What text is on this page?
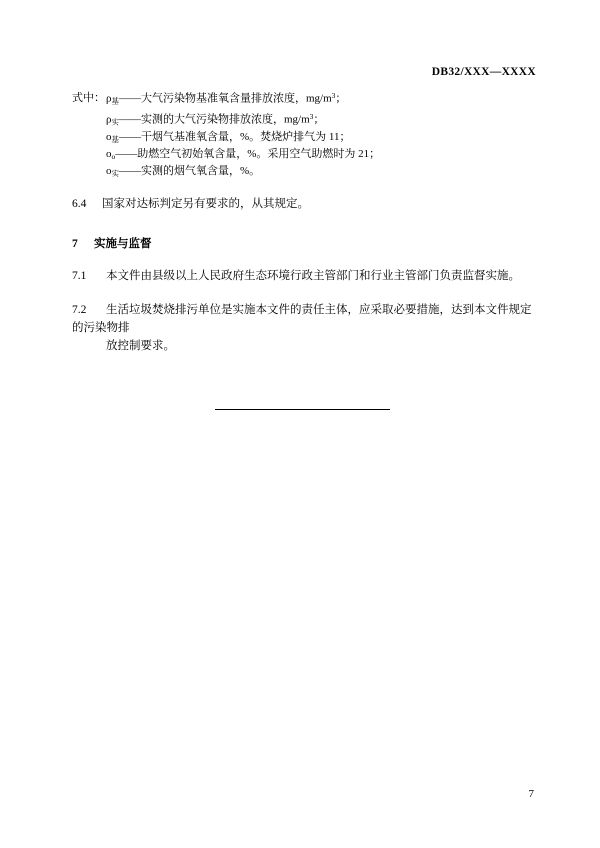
DB32/XXX—XXXX
式中：$\rho_基——$大气污染物基准氧含量排放浓度，$mg/m^3$；
$\rho_实——$实测的大气污染物排放浓度，$mg/m^3$；
$o_基——$干烟气基准氧含量，%。焚烧炉排气为 11；
$o_o——$助燃空气初始氧含量，%。采用空气助燃时为 21；
$o_实——$实测的烟气氧含量，%。
6.4 国家对达标判定另有要求的，从其规定。
7 实施与监督
7.1 本文件由县级以上人民政府生态环境行政主管部门和行业主管部门负责监督实施。
7.2 生活垃圾焚烧排污单位是实施本文件的责任主体，应采取必要措施，达到本文件规定的污染物排
放控制要求。
7
